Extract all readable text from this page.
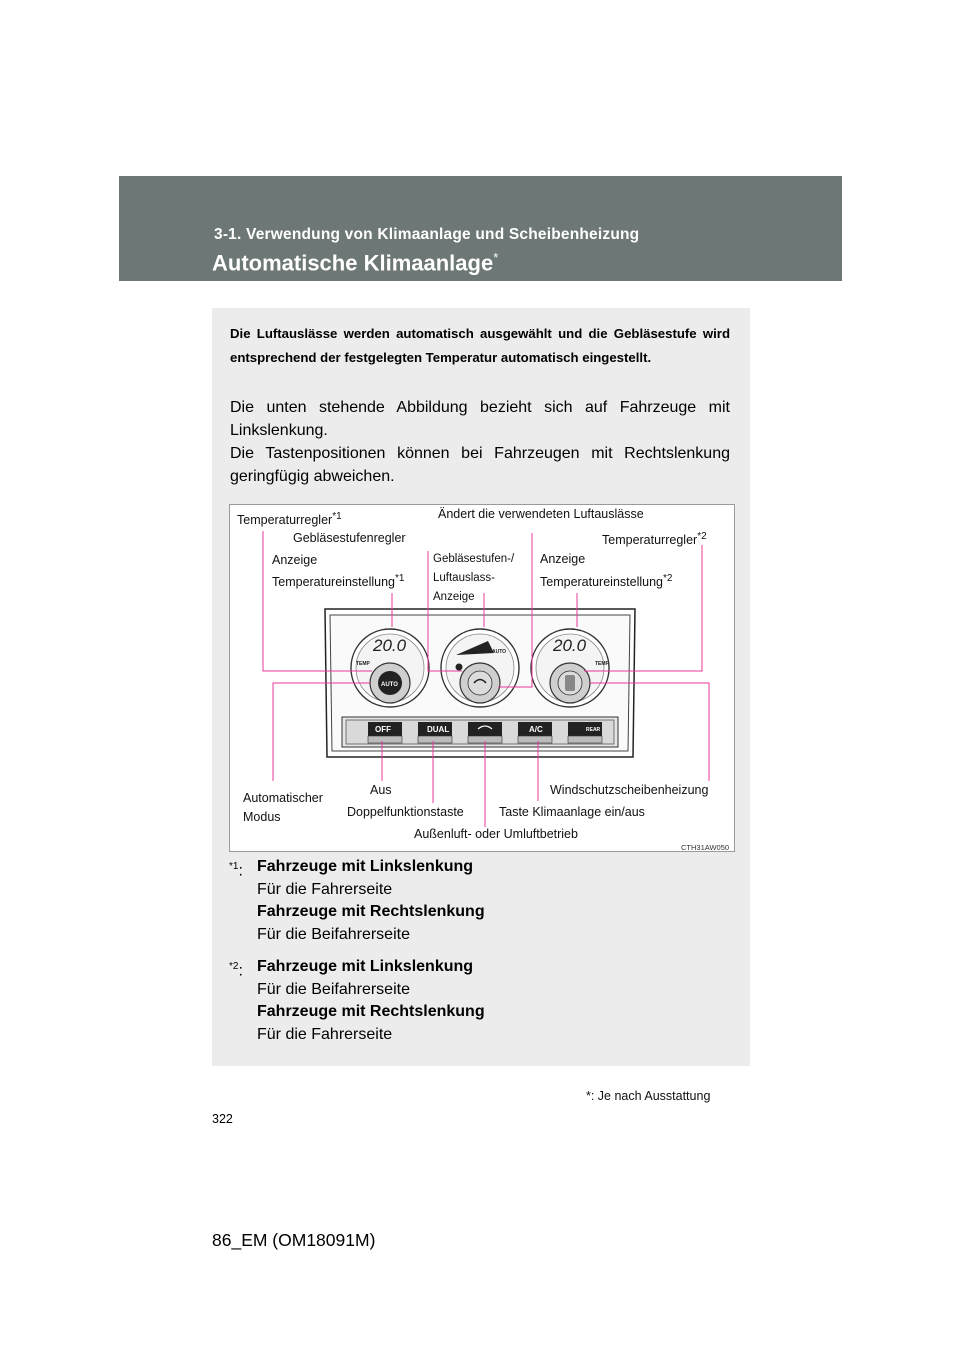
3-1. Verwendung von Klimaanlage und Scheibenheizung
Automatische Klimaanlage*
Die Luftauslässe werden automatisch ausgewählt und die Gebläsestufe wird entsprechend der festgelegten Temperatur automatisch eingestellt.

Die unten stehende Abbildung bezieht sich auf Fahrzeuge mit Linkslenkung.

Die Tastenpositionen können bei Fahrzeugen mit Rechtslenkung geringfügig abweichen.

OFF	DUAL	A/C	REAR
20.0
TEMP
AUTO
AUTO	20.0
TEMP
Temperaturregler$^{*1}$	Ändert die verwendeten Luftauslässe
Temperaturregler$^{*2}$
Gebläsestufenregler
Anzeige
Temperatureinstellung$^{*1}$
Gebläsestufen-/
Luftauslass-
Anzeige
Anzeige
Temperatureinstellung$^{*2}$
Automatischer
Modus
Aus
Doppelfunktionstaste	Taste Klimaanlage ein/aus
Windschutzscheibenheizung
Außenluft- oder Umluftbetrieb
CTH31AW050
$^{*1}$: Fahrzeuge mit Linkslenkung
Für die Fahrerseite
Fahrzeuge mit Rechtslenkung
Für die Beifahrerseite
$^{*2}$: Fahrzeuge mit Linkslenkung
Für die Beifahrerseite
Fahrzeuge mit Rechtslenkung
Für die Fahrerseite
*: Je nach Ausstattung
322
86_EM (OM18091M)
